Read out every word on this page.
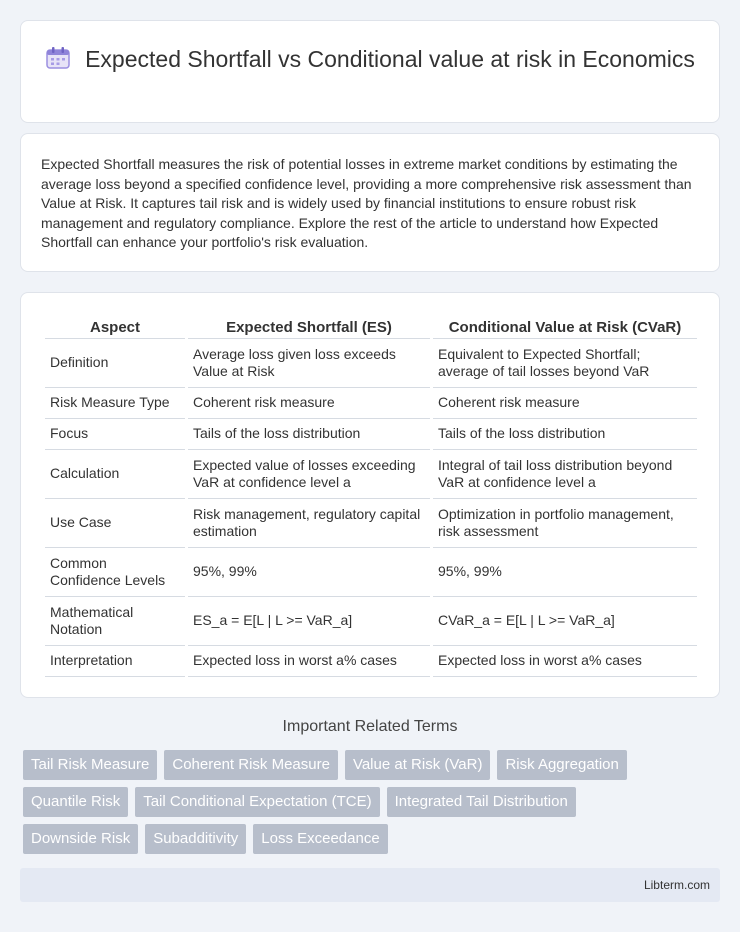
Expected Shortfall vs Conditional value at risk in Economics

Expected Shortfall measures the risk of potential losses in extreme market conditions by estimating the average loss beyond a specified confidence level, providing a more comprehensive risk assessment than Value at Risk. It captures tail risk and is widely used by financial institutions to ensure robust risk management and regulatory compliance. Explore the rest of the article to understand how Expected Shortfall can enhance your portfolio's risk evaluation.

Aspect	Expected Shortfall (ES)	Conditional Value at Risk (CVaR)
Definition	Average loss given loss exceeds Value at Risk	Equivalent to Expected Shortfall; average of tail losses beyond VaR
Risk Measure Type	Coherent risk measure	Coherent risk measure
Focus	Tails of the loss distribution	Tails of the loss distribution
Calculation	Expected value of losses exceeding VaR at confidence level a	Integral of tail loss distribution beyond VaR at confidence level a
Use Case	Risk management, regulatory capital estimation	Optimization in portfolio management, risk assessment
Common Confidence Levels	95%, 99%	95%, 99%
Mathematical Notation	ES_a = E[L | L >= VaR_a]	CVaR_a = E[L | L >= VaR_a]
Interpretation	Expected loss in worst a% cases	Expected loss in worst a% cases
Important Related Terms
Tail Risk Measure	Coherent Risk Measure	Value at Risk (VaR)	Risk Aggregation
Quantile Risk	Tail Conditional Expectation (TCE)	Integrated Tail Distribution
Downside Risk	Subadditivity	Loss Exceedance
Libterm.com
